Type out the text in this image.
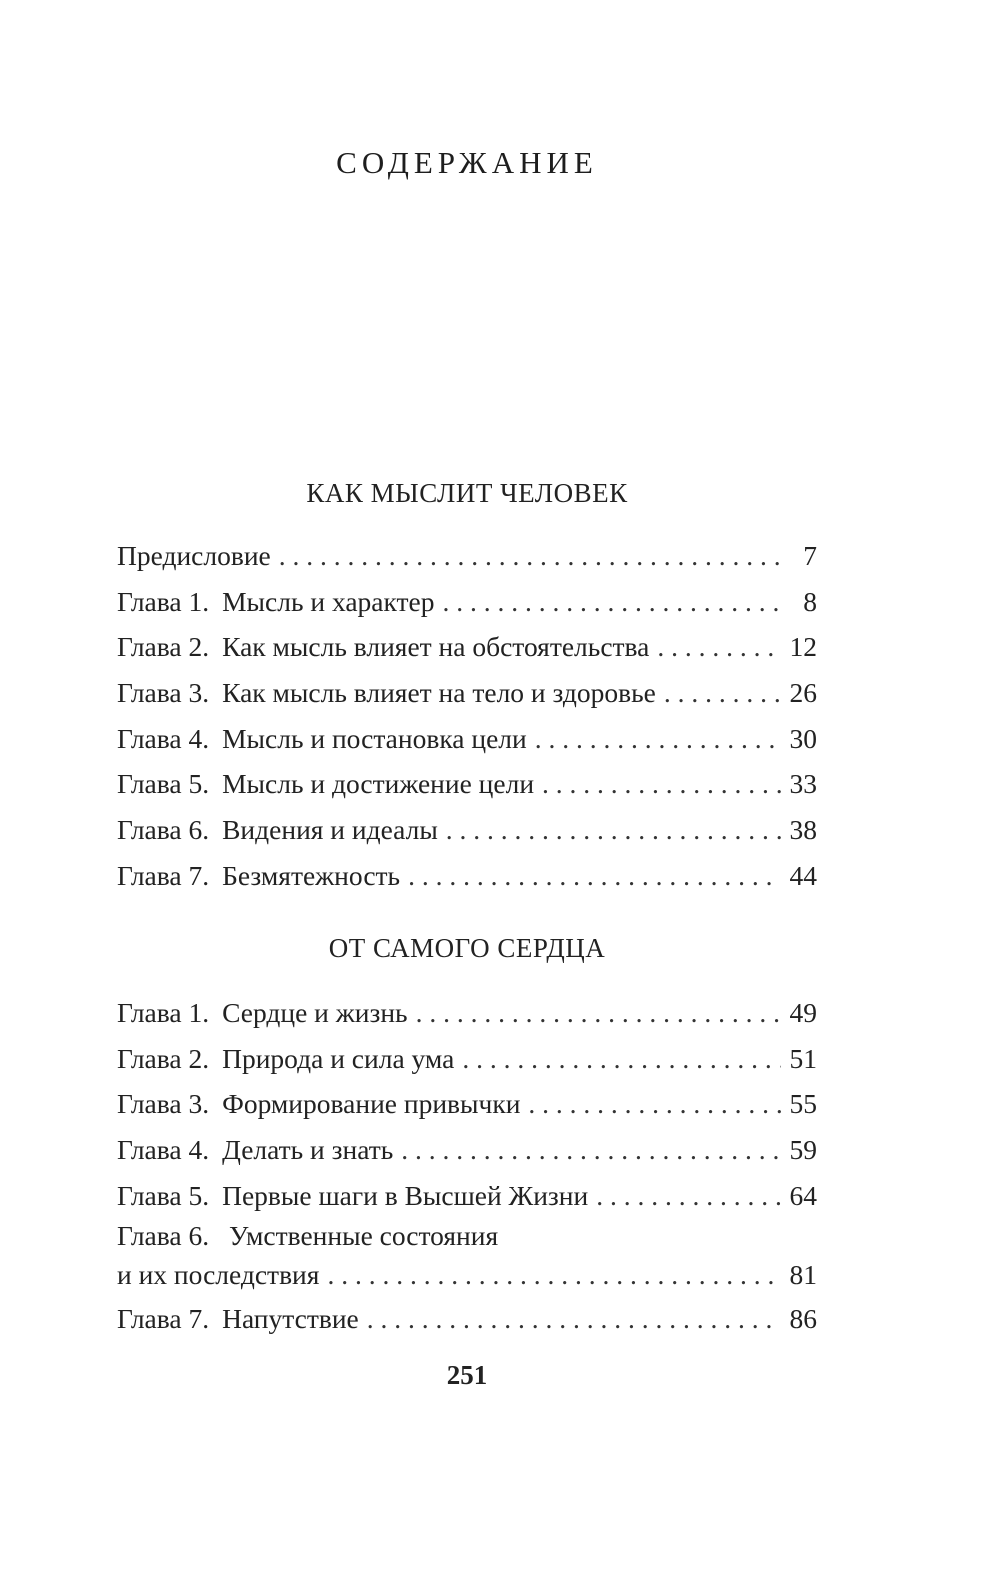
СОДЕРЖАНИЕ
КАК МЫСЛИТ ЧЕЛОВЕК
Предисловие . . .	7
Глава 1. Мысль и характер . . .	8
Глава 2. Как мысль влияет на обстоятельства . . .	12
Глава 3. Как мысль влияет на тело и здоровье . . .	26
Глава 4. Мысль и постановка цели . . .	30
Глава 5. Мысль и достижение цели . . .	33
Глава 6. Видения и идеалы . . .	38
Глава 7. Безмятежность . . .	44
ОТ САМОГО СЕРДЦА
Глава 1. Сердце и жизнь . . .	49
Глава 2. Природа и сила ума . . .	51
Глава 3. Формирование привычки . . .	55
Глава 4. Делать и знать . . .	59
Глава 5. Первые шаги в Высшей Жизни . . .	64
Глава 6. Умственные состояния
и их последствия . . .	81
Глава 7. Напутствие . . .	86
251
